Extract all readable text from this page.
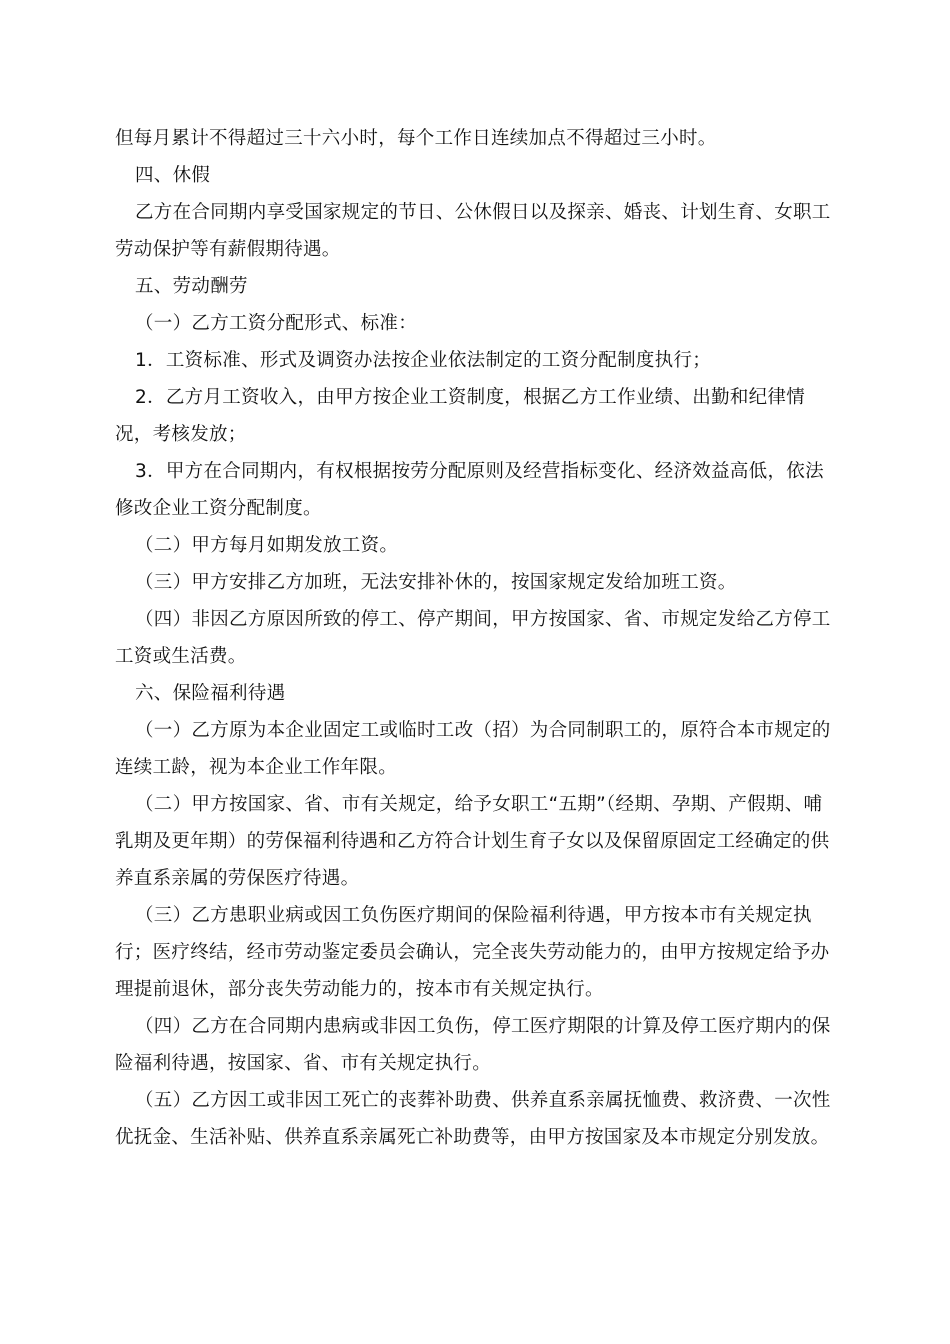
但每月累计不得超过三十六小时，每个工作日连续加点不得超过三小时。

四、休假

乙方在合同期内享受国家规定的节日、公休假日以及探亲、婚丧、计划生育、女职工劳动保护等有薪假期待遇。

五、劳动酬劳

（一）乙方工资分配形式、标准：

1．工资标准、形式及调资办法按企业依法制定的工资分配制度执行；

2．乙方月工资收入，由甲方按企业工资制度，根据乙方工作业绩、出勤和纪律情况，考核发放；

3．甲方在合同期内，有权根据按劳分配原则及经营指标变化、经济效益高低，依法修改企业工资分配制度。

（二）甲方每月如期发放工资。

（三）甲方安排乙方加班，无法安排补休的，按国家规定发给加班工资。

（四）非因乙方原因所致的停工、停产期间，甲方按国家、省、市规定发给乙方停工工资或生活费。

六、保险福利待遇

（一）乙方原为本企业固定工或临时工改（招）为合同制职工的，原符合本市规定的连续工龄，视为本企业工作年限。

（二）甲方按国家、省、市有关规定，给予女职工“五期”（经期、孕期、产假期、哺乳期及更年期）的劳保福利待遇和乙方符合计划生育子女以及保留原固定工经确定的供养直系亲属的劳保医疗待遇。

（三）乙方患职业病或因工负伤医疗期间的保险福利待遇，甲方按本市有关规定执行；医疗终结，经市劳动鉴定委员会确认，完全丧失劳动能力的，由甲方按规定给予办理提前退休，部分丧失劳动能力的，按本市有关规定执行。

（四）乙方在合同期内患病或非因工负伤，停工医疗期限的计算及停工医疗期内的保险福利待遇，按国家、省、市有关规定执行。

（五）乙方因工或非因工死亡的丧葬补助费、供养直系亲属抚恤费、救济费、一次性优抚金、生活补贴、供养直系亲属死亡补助费等，由甲方按国家及本市规定分别发放。
